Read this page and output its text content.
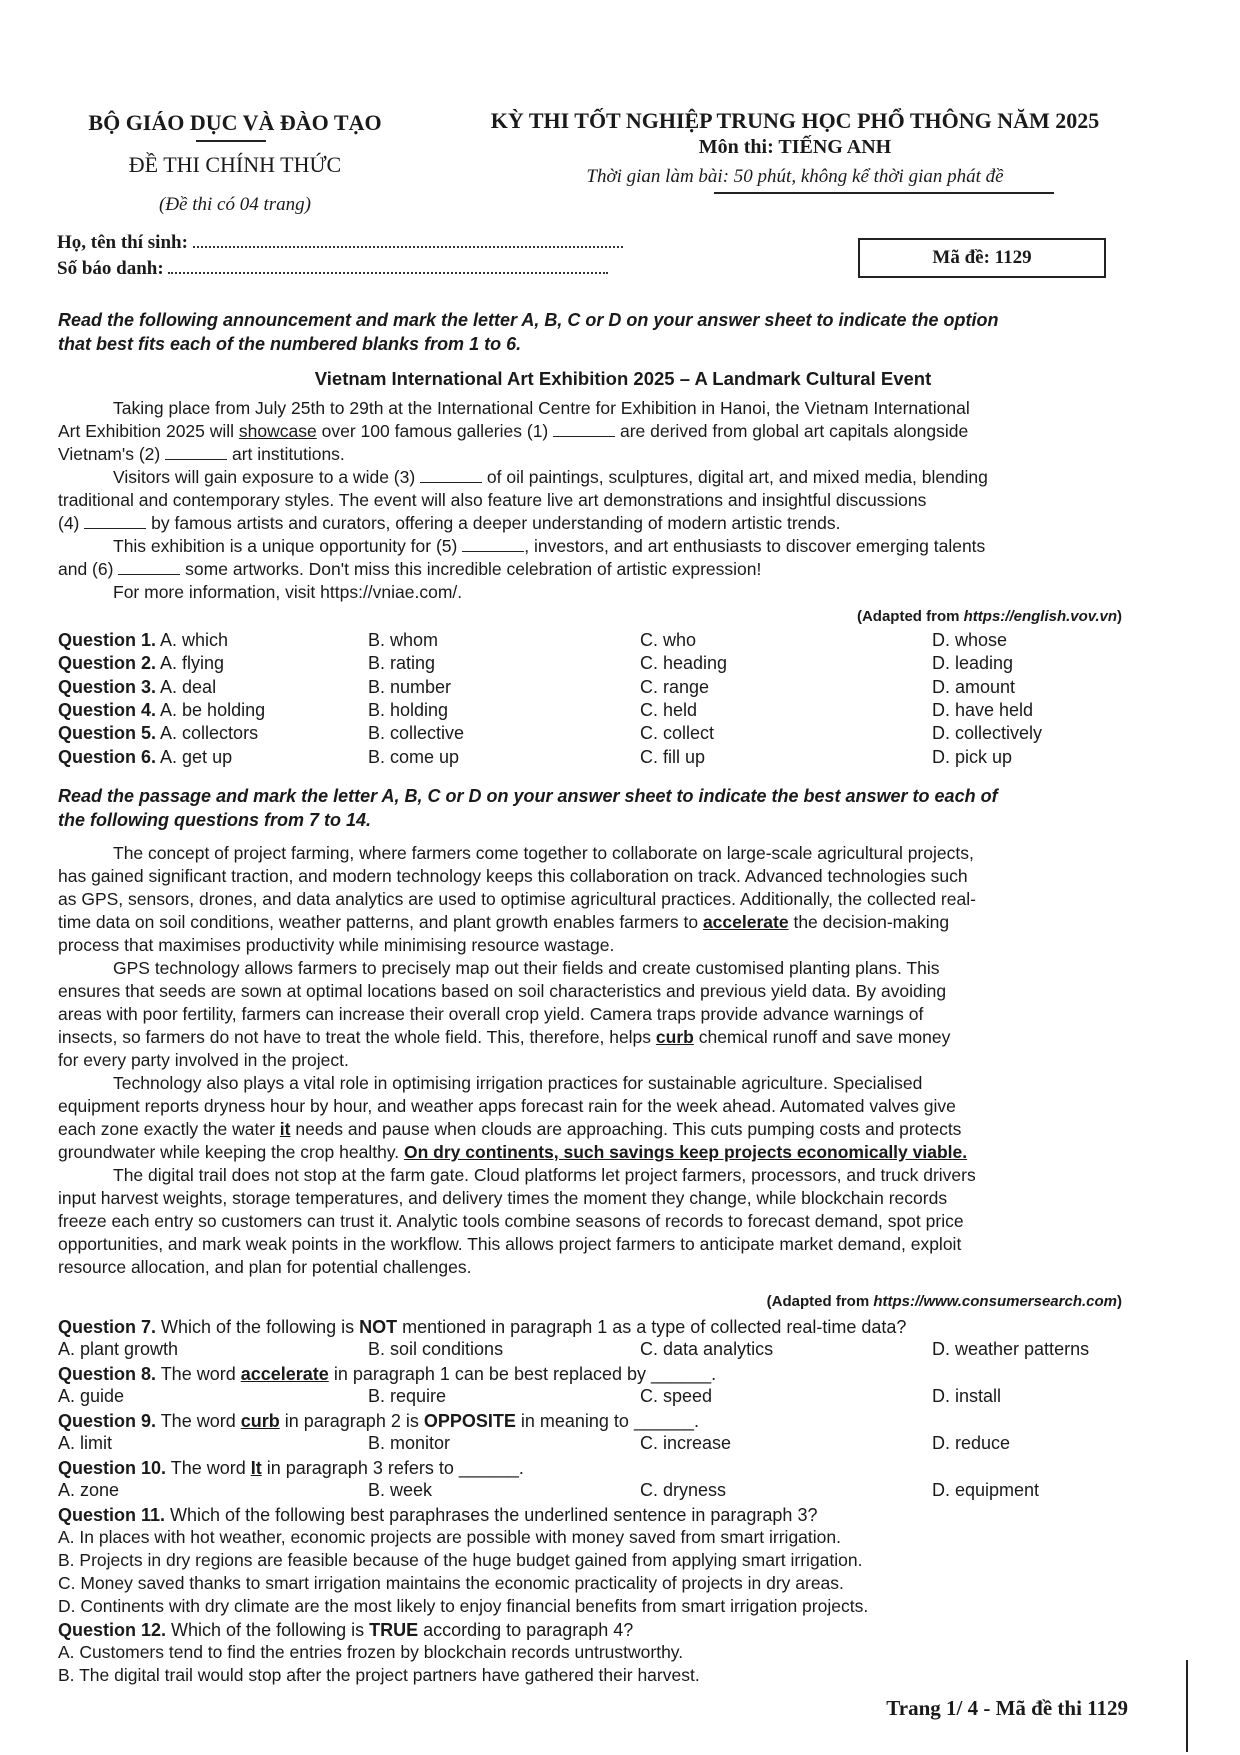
BỘ GIÁO DỤC VÀ ĐÀO TẠO
ĐỀ THI CHÍNH THỨC
(Đề thi có 04 trang)
KỲ THI TỐT NGHIỆP TRUNG HỌC PHỔ THÔNG NĂM 2025
Môn thi: TIẾNG ANH
Thời gian làm bài: 50 phút, không kể thời gian phát đề
Họ, tên thí sinh:
Số báo danh:
Mã đề: 1129
Read the following announcement and mark the letter A, B, C or D on your answer sheet to indicate the option
that best fits each of the numbered blanks from 1 to 6.
Vietnam International Art Exhibition 2025 – A Landmark Cultural Event
Taking place from July 25th to 29th at the International Centre for Exhibition in Hanoi, the Vietnam International
Art Exhibition 2025 will showcase over 100 famous galleries (1)	are derived from global art capitals alongside
Vietnam's (2)	art institutions.
Visitors will gain exposure to a wide (3)	of oil paintings, sculptures, digital art, and mixed media, blending
traditional and contemporary styles. The event will also feature live art demonstrations and insightful discussions
(4)	by famous artists and curators, offering a deeper understanding of modern artistic trends.
This exhibition is a unique opportunity for (5)	, investors, and art enthusiasts to discover emerging talents
and (6)	some artworks. Don't miss this incredible celebration of artistic expression!
For more information, visit https://vniae.com/.
(Adapted from https://english.vov.vn)
Question 1. A. which	B. whom	C. who	D. whose
Question 2. A. flying	B. rating	C. heading	D. leading
Question 3. A. deal	B. number	C. range	D. amount
Question 4. A. be holding	B. holding	C. held	D. have held
Question 5. A. collectors	B. collective	C. collect	D. collectively
Question 6. A. get up	B. come up	C. fill up	D. pick up
Read the passage and mark the letter A, B, C or D on your answer sheet to indicate the best answer to each of
the following questions from 7 to 14.
The concept of project farming, where farmers come together to collaborate on large-scale agricultural projects,
has gained significant traction, and modern technology keeps this collaboration on track. Advanced technologies such
as GPS, sensors, drones, and data analytics are used to optimise agricultural practices. Additionally, the collected real-
time data on soil conditions, weather patterns, and plant growth enables farmers to accelerate the decision-making
process that maximises productivity while minimising resource wastage.
GPS technology allows farmers to precisely map out their fields and create customised planting plans. This
ensures that seeds are sown at optimal locations based on soil characteristics and previous yield data. By avoiding
areas with poor fertility, farmers can increase their overall crop yield. Camera traps provide advance warnings of
insects, so farmers do not have to treat the whole field. This, therefore, helps curb chemical runoff and save money
for every party involved in the project.
Technology also plays a vital role in optimising irrigation practices for sustainable agriculture. Specialised
equipment reports dryness hour by hour, and weather apps forecast rain for the week ahead. Automated valves give
each zone exactly the water it needs and pause when clouds are approaching. This cuts pumping costs and protects
groundwater while keeping the crop healthy. On dry continents, such savings keep projects economically viable.
The digital trail does not stop at the farm gate. Cloud platforms let project farmers, processors, and truck drivers
input harvest weights, storage temperatures, and delivery times the moment they change, while blockchain records
freeze each entry so customers can trust it. Analytic tools combine seasons of records to forecast demand, spot price
opportunities, and mark weak points in the workflow. This allows project farmers to anticipate market demand, exploit
resource allocation, and plan for potential challenges.
(Adapted from https://www.consumersearch.com)
Question 7. Which of the following is NOT mentioned in paragraph 1 as a type of collected real-time data?
A. plant growth	B. soil conditions	C. data analytics	D. weather patterns
Question 8. The word accelerate in paragraph 1 can be best replaced by ______.
A. guide	B. require	C. speed	D. install
Question 9. The word curb in paragraph 2 is OPPOSITE in meaning to ______.
A. limit	B. monitor	C. increase	D. reduce
Question 10. The word It in paragraph 3 refers to ______.
A. zone	B. week	C. dryness	D. equipment
Question 11. Which of the following best paraphrases the underlined sentence in paragraph 3?
A. In places with hot weather, economic projects are possible with money saved from smart irrigation.
B. Projects in dry regions are feasible because of the huge budget gained from applying smart irrigation.
C. Money saved thanks to smart irrigation maintains the economic practicality of projects in dry areas.
D. Continents with dry climate are the most likely to enjoy financial benefits from smart irrigation projects.
Question 12. Which of the following is TRUE according to paragraph 4?
A. Customers tend to find the entries frozen by blockchain records untrustworthy.
B. The digital trail would stop after the project partners have gathered their harvest.
Trang 1/ 4 - Mã đề thi 1129
